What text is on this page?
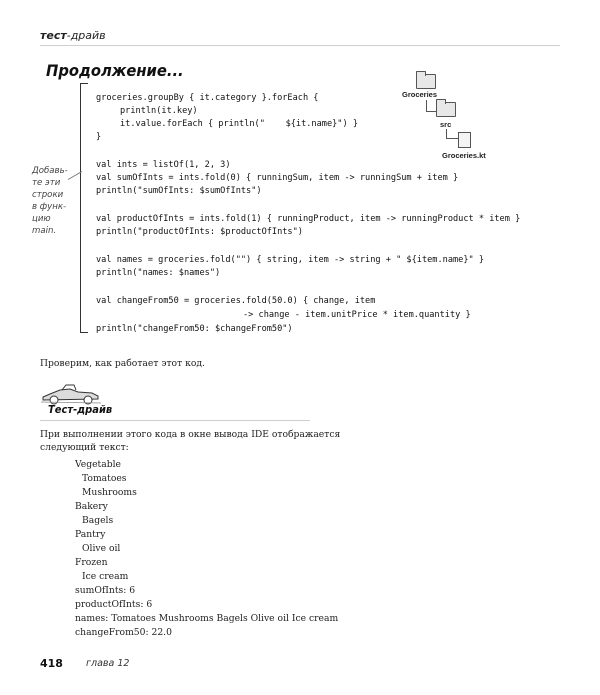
тест-драйв
Продолжение...
groceries.groupBy { it.category }.forEach {
println(it.key)
it.value.forEach { println("    ${it.name}") }
}
val ints = listOf(1, 2, 3)
val sumOfInts = ints.fold(0) { runningSum, item -> runningSum + item }
println("sumOfInts: $sumOfInts")
val productOfInts = ints.fold(1) { runningProduct, item -> runningProduct * item }
println("productOfInts: $productOfInts")
val names = groceries.fold("") { string, item -> string + " ${item.name}" }
println("names: $names")
val changeFrom50 = groceries.fold(50.0) { change, item
-> change - item.unitPrice * item.quantity }
println("changeFrom50: $changeFrom50")
Groceries
src
Groceries.kt
Добавь-
те эти
строки
в функ-
цию
main.
Проверим, как работает этот код.
Тест-драйв
При выполнении этого кода в окне вывода IDE отображается
следующий текст:
Vegetable
Tomatoes
Mushrooms
Bakery
Bagels
Pantry
Olive oil
Frozen
Ice cream
sumOfInts: 6
productOfInts: 6
names: Tomatoes Mushrooms Bagels Olive oil Ice cream
changeFrom50: 22.0
418 глава 12
